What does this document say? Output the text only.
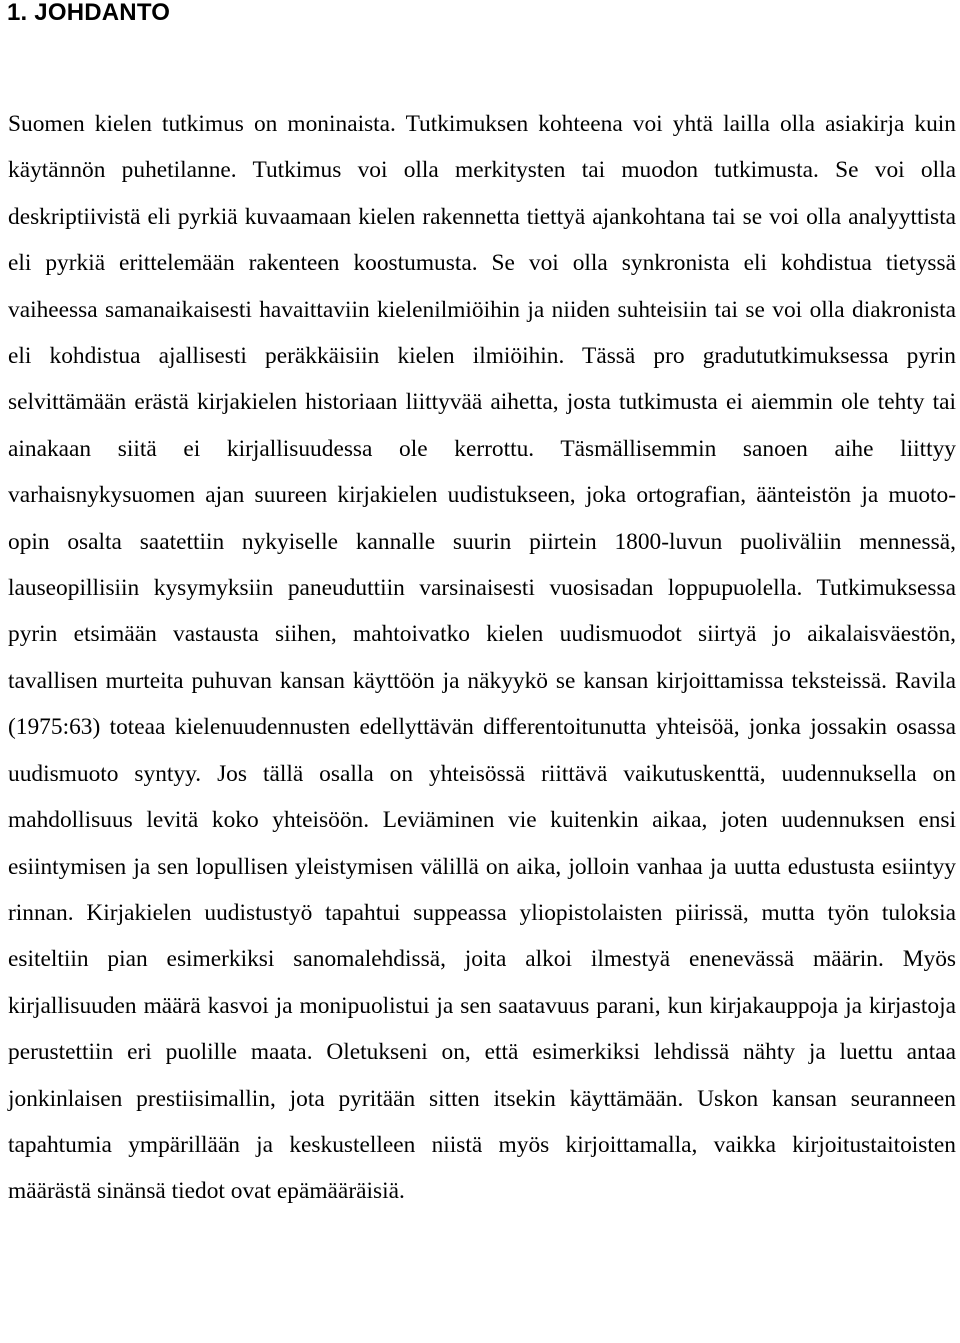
1. JOHDANTO

Suomen kielen tutkimus on moninaista. Tutkimuksen kohteena voi yhtä lailla olla asiakirja kuin käytännön puhetilanne. Tutkimus voi olla merkitysten tai muodon tutkimusta. Se voi olla deskriptiivistä eli pyrkiä kuvaamaan kielen rakennetta tiettyä ajankohtana tai se voi olla analyyttista eli pyrkiä erittelemään rakenteen koostumusta. Se voi olla synkronista eli kohdistua tietyssä vaiheessa samanaikaisesti havaittaviin kielenilmiöihin ja niiden suhteisiin tai se voi olla diakronista eli kohdistua ajallisesti peräkkäisiin kielen ilmiöihin. Tässä pro gradututkimuksessa pyrin selvittämään erästä kirjakielen historiaan liittyvää aihetta, josta tutkimusta ei aiemmin ole tehty tai ainakaan siitä ei kirjallisuudessa ole kerrottu. Täsmällisemmin sanoen aihe liittyy varhaisnykysuomen ajan suureen kirjakielen uudistukseen, joka ortografian, äänteistön ja muoto-opin osalta saatettiin nykyiselle kannalle suurin piirtein 1800-luvun puoliväliin mennessä, lauseopillisiin kysymyksiin paneuduttiin varsinaisesti vuosisadan loppupuolella. Tutkimuksessa pyrin etsimään vastausta siihen, mahtoivatko kielen uudismuodot siirtyä jo aikalaisväestön, tavallisen murteita puhuvan kansan käyttöön ja näkyykö se kansan kirjoittamissa teksteissä. Ravila (1975:63) toteaa kielenuudennusten edellyttävän differentoitunutta yhteisöä, jonka jossakin osassa uudismuoto syntyy. Jos tällä osalla on yhteisössä riittävä vaikutuskenttä, uudennuksella on mahdollisuus levitä koko yhteisöön. Leviäminen vie kuitenkin aikaa, joten uudennuksen ensi esiintymisen ja sen lopullisen yleistymisen välillä on aika, jolloin vanhaa ja uutta edustusta esiintyy rinnan. Kirjakielen uudistustyö tapahtui suppeassa yliopistolaisten piirissä, mutta työn tuloksia esiteltiin pian esimerkiksi sanomalehdissä, joita alkoi ilmestyä enenevässä määrin. Myös kirjallisuuden määrä kasvoi ja monipuolistui ja sen saatavuus parani, kun kirjakauppoja ja kirjastoja perustettiin eri puolille maata. Oletukseni on, että esimerkiksi lehdissä nähty ja luettu antaa jonkinlaisen prestiisimallin, jota pyritään sitten itsekin käyttämään. Uskon kansan seuranneen tapahtumia ympärillään ja keskustelleen niistä myös kirjoittamalla, vaikka kirjoitustaitoisten määrästä sinänsä tiedot ovat epämääräisiä.
